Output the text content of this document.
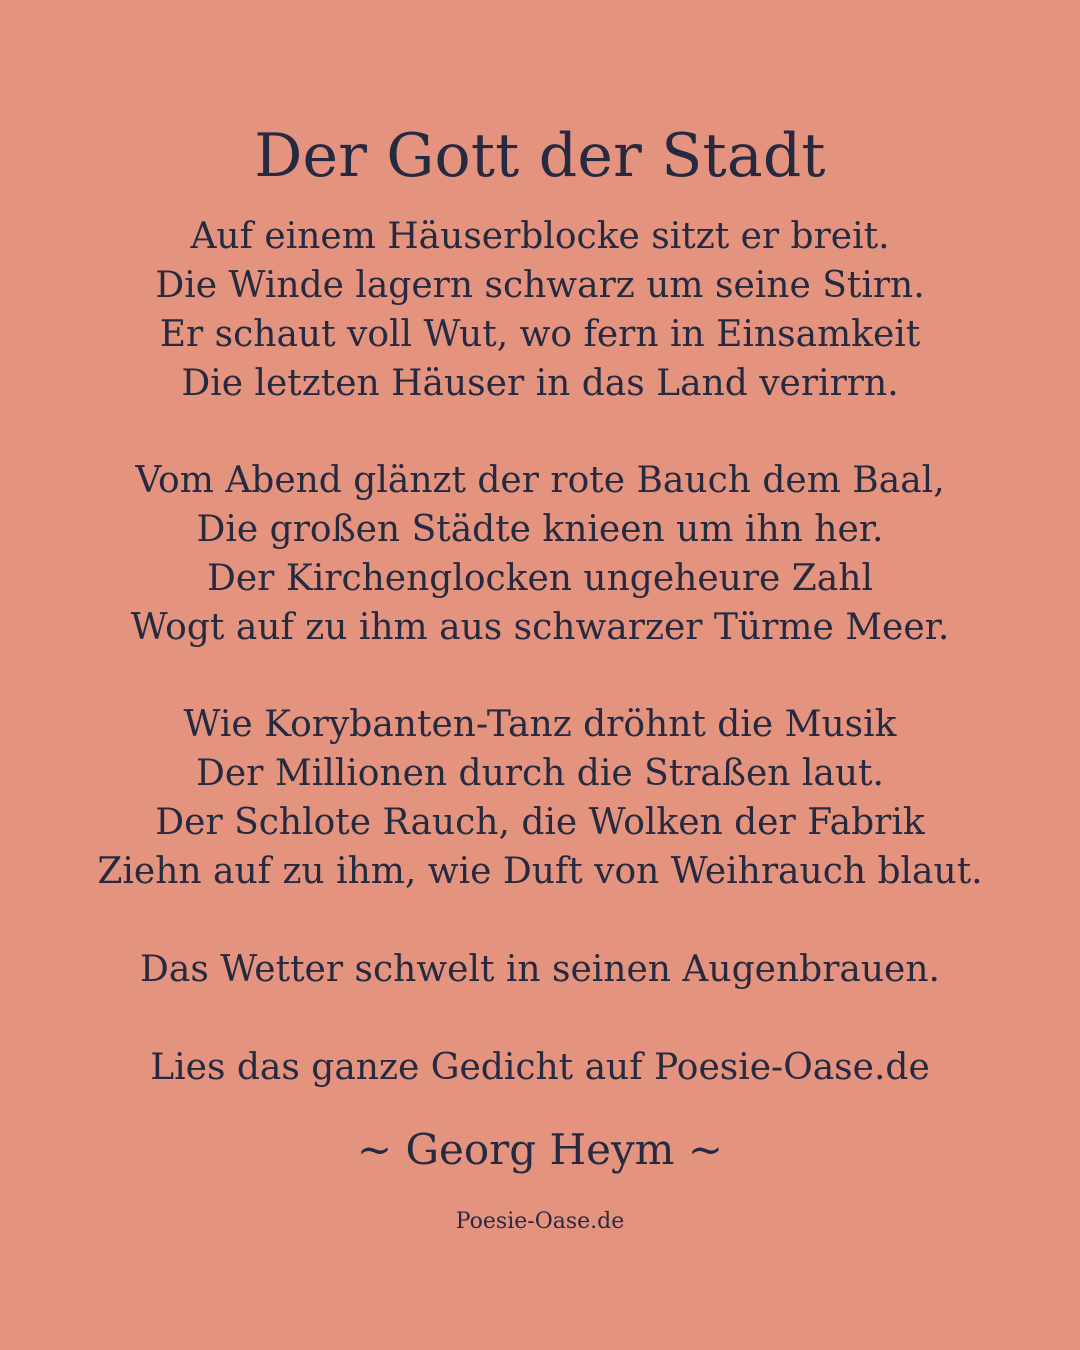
Der Gott der Stadt

Auf einem Häuserblocke sitzt er breit.

Die Winde lagern schwarz um seine Stirn.

Er schaut voll Wut, wo fern in Einsamkeit

Die letzten Häuser in das Land verirrn.

Vom Abend glänzt der rote Bauch dem Baal,

Die großen Städte knieen um ihn her.

Der Kirchenglocken ungeheure Zahl

Wogt auf zu ihm aus schwarzer Türme Meer.

Wie Korybanten-Tanz dröhnt die Musik

Der Millionen durch die Straßen laut.

Der Schlote Rauch, die Wolken der Fabrik

Ziehn auf zu ihm, wie Duft von Weihrauch blaut.

Das Wetter schwelt in seinen Augenbrauen.

Lies das ganze Gedicht auf Poesie-Oase.de

~ Georg Heym ~

Poesie-Oase.de
